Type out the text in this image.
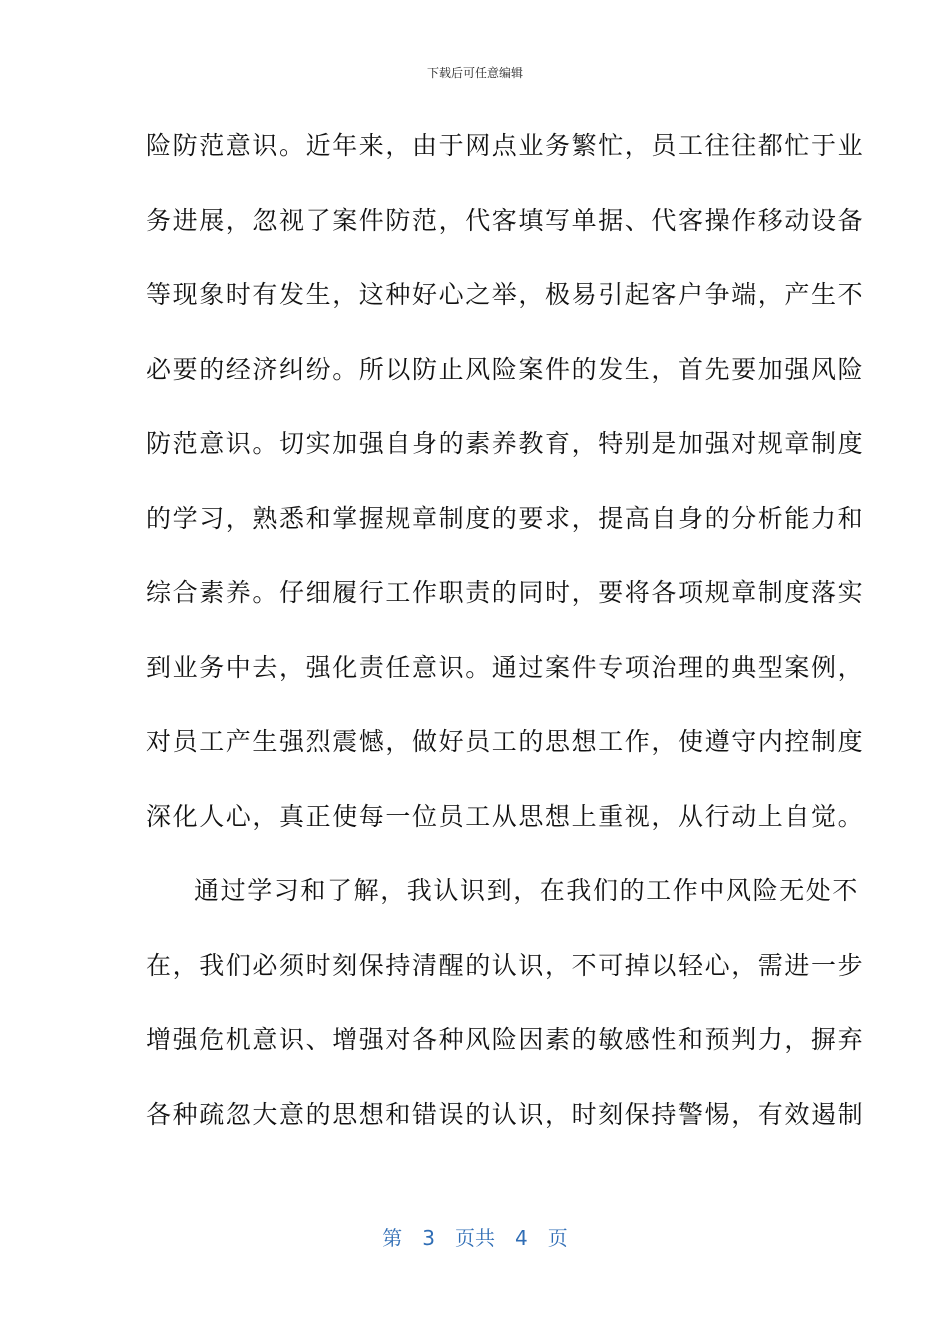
下载后可任意编辑
险防范意识。近年来，由于网点业务繁忙，员工往往都忙于业
务进展，忽视了案件防范，代客填写单据、代客操作移动设备
等现象时有发生，这种好心之举，极易引起客户争端，产生不
必要的经济纠纷。所以防止风险案件的发生，首先要加强风险
防范意识。切实加强自身的素养教育，特别是加强对规章制度
的学习，熟悉和掌握规章制度的要求，提高自身的分析能力和
综合素养。仔细履行工作职责的同时，要将各项规章制度落实
到业务中去，强化责任意识。通过案件专项治理的典型案例，
对员工产生强烈震憾，做好员工的思想工作，使遵守内控制度
深化人心，真正使每一位员工从思想上重视，从行动上自觉。
通过学习和了解，我认识到，在我们的工作中风险无处不
在，我们必须时刻保持清醒的认识，不可掉以轻心，需进一步
增强危机意识、增强对各种风险因素的敏感性和预判力，摒弃
各种疏忽大意的思想和错误的认识，时刻保持警惕，有效遏制
第 3 页共 4 页
